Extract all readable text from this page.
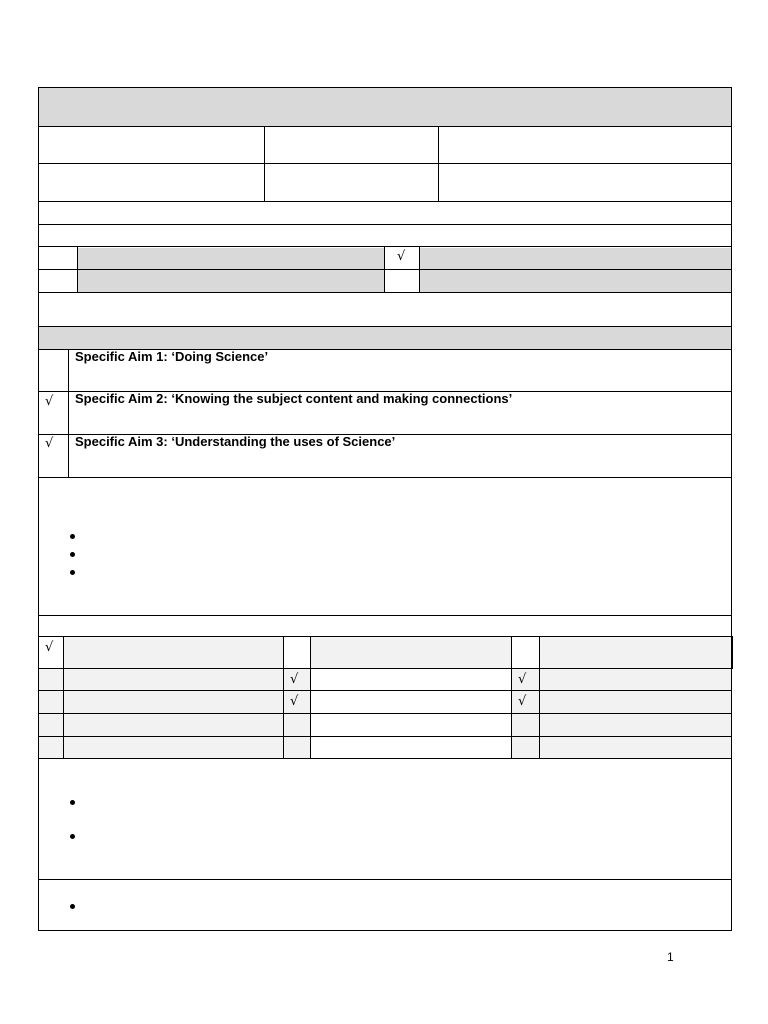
√
√
√
√
√	√
√	√
Specific Aim 1: ‘Doing Science’
Specific Aim 2: ‘Knowing the subject content and making connections’
Specific Aim 3: ‘Understanding the uses of Science’
1
